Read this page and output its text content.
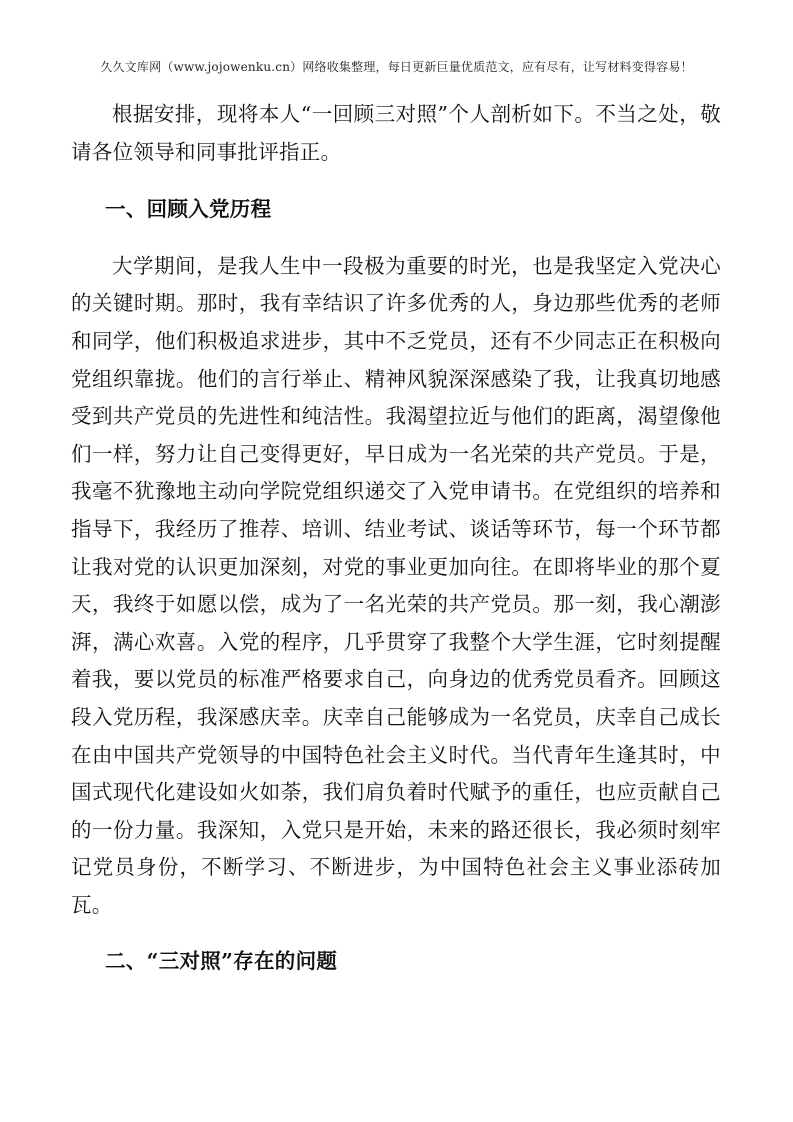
久久文库网（www.jojowenku.cn）网络收集整理，每日更新巨量优质范文，应有尽有，让写材料变得容易！

根据安排，现将本人“一回顾三对照”个人剖析如下。不当之处，敬请各位领导和同事批评指正。

一、回顾入党历程

大学期间，是我人生中一段极为重要的时光，也是我坚定入党决心的关键时期。那时，我有幸结识了许多优秀的人，身边那些优秀的老师和同学，他们积极追求进步，其中不乏党员，还有不少同志正在积极向党组织靠拢。他们的言行举止、精神风貌深深感染了我，让我真切地感受到共产党员的先进性和纯洁性。我渴望拉近与他们的距离，渴望像他们一样，努力让自己变得更好，早日成为一名光荣的共产党员。于是，我毫不犹豫地主动向学院党组织递交了入党申请书。在党组织的培养和指导下，我经历了推荐、培训、结业考试、谈话等环节，每一个环节都让我对党的认识更加深刻，对党的事业更加向往。在即将毕业的那个夏天，我终于如愿以偿，成为了一名光荣的共产党员。那一刻，我心潮澎湃，满心欢喜。入党的程序，几乎贯穿了我整个大学生涯，它时刻提醒着我，要以党员的标准严格要求自己，向身边的优秀党员看齐。回顾这段入党历程，我深感庆幸。庆幸自己能够成为一名党员，庆幸自己成长在由中国共产党领导的中国特色社会主义时代。当代青年生逢其时，中国式现代化建设如火如荼，我们肩负着时代赋予的重任，也应贡献自己的一份力量。我深知，入党只是开始，未来的路还很长，我必须时刻牢记党员身份，不断学习、不断进步，为中国特色社会主义事业添砖加瓦。

二、“三对照”存在的问题
